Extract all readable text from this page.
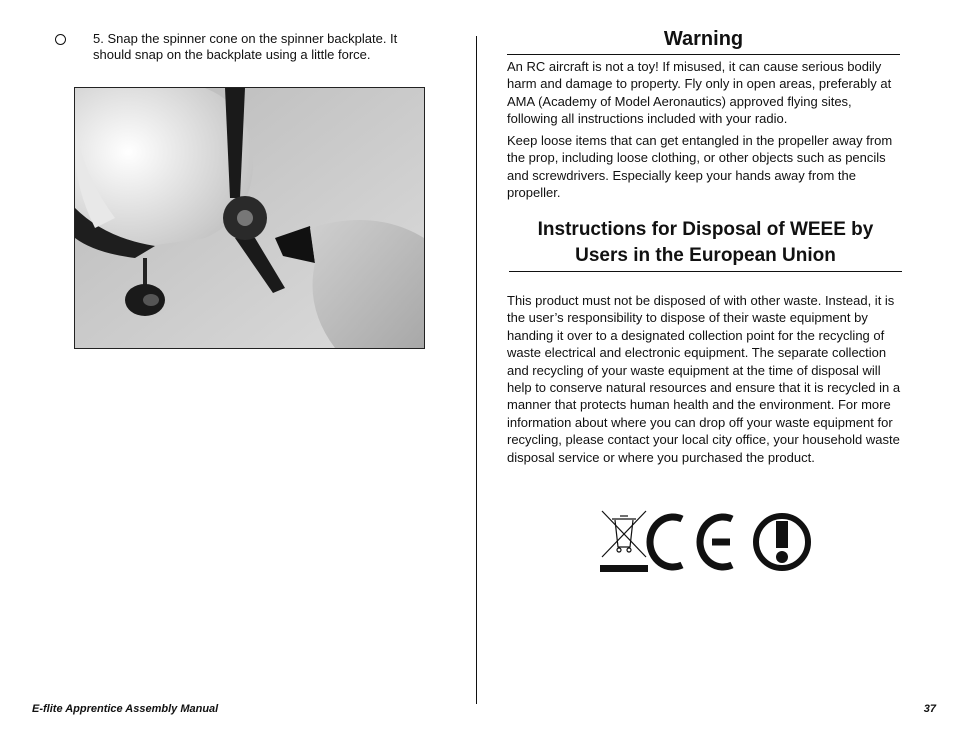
5. Snap the spinner cone on the spinner backplate. It should snap on the backplate using a little force.
Warning
An RC aircraft is not a toy! If misused, it can cause serious bodily harm and damage to property. Fly only in open areas, preferably at AMA (Academy of Model Aeronautics) approved flying sites, following all instructions included with your radio.
Keep loose items that can get entangled in the propeller away from the prop, including loose clothing, or other objects such as pencils and screwdrivers. Especially keep your hands away from the propeller.
Instructions for Disposal of WEEE by Users in the European Union
This product must not be disposed of with other waste. Instead, it is the user’s responsibility to dispose of their waste equipment by handing it over to a designated collection point for the recycling of waste electrical and electronic equipment. The separate collection and recycling of your waste equipment at the time of disposal will help to conserve natural resources and ensure that it is recycled in a manner that protects human health and the environment. For more information about where you can drop off your waste equipment for recycling, please contact your local city office, your household waste disposal service or where you purchased the product.
E-flite Apprentice Assembly Manual	37
